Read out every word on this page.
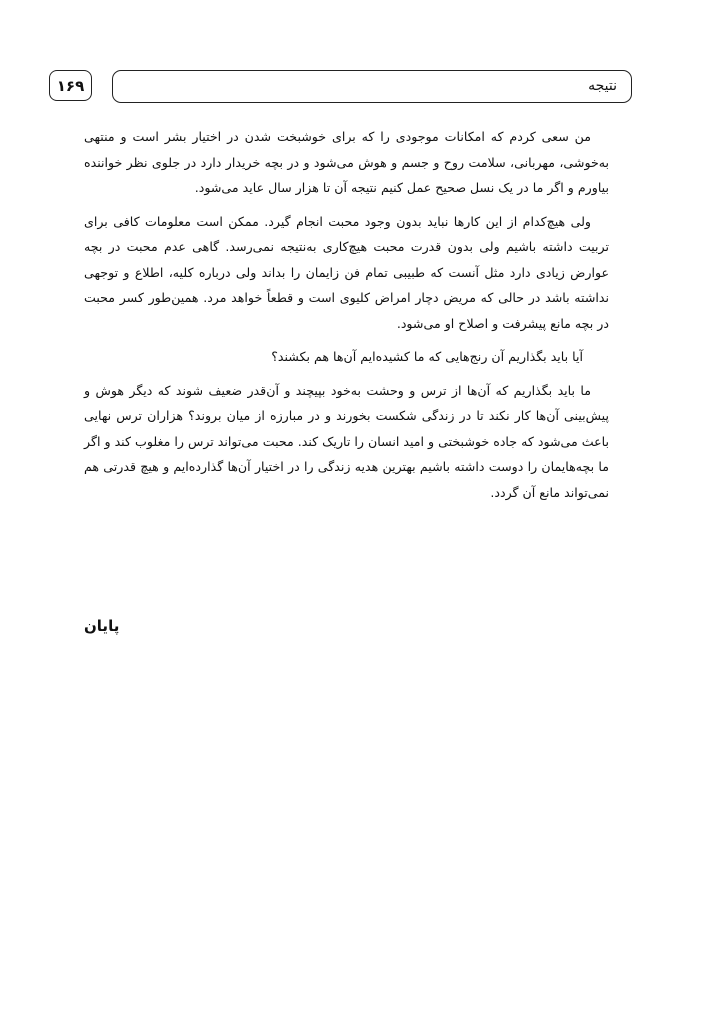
۱۶۹	نتیجه

من سعی کردم که امکانات موجودی را که برای خوشبخت شدن در اختیار بشر است و منتهی به‌خوشی، مهربانی، سلامت روح و جسم و هوش می‌شود و در بچه خریدار دارد در جلوی نظر خواننده بیاورم و اگر ما در یک نسل صحیح عمل کنیم نتیجه آن تا هزار سال عاید می‌شود.

ولی هیچ‌کدام از این کارها نباید بدون وجود محبت انجام گیرد. ممکن است معلومات کافی برای تربیت داشته باشیم ولی بدون قدرت محبت هیچ‌کاری به‌نتیجه نمی‌رسد. گاهی عدم محبت در بچه عوارض زیادی دارد مثل آنست که طبیبی تمام فن زایمان را بداند ولی درباره کلیه، اطلاع و توجهی نداشته باشد در حالی که مریض دچار امراض کلیوی است و قطعاً خواهد مرد. همین‌طور کسر محبت در بچه مانع پیشرفت و اصلاح او می‌شود.

آیا باید بگذاریم آن رنج‌هایی که ما کشیده‌ایم آن‌ها هم بکشند؟

ما باید بگذاریم که آن‌ها از ترس و وحشت به‌خود بپیچند و آن‌قدر ضعیف شوند که دیگر هوش و پیش‌بینی آن‌ها کار نکند تا در زندگی شکست بخورند و در مبارزه از میان بروند؟ هزاران ترس نهایی باعث می‌شود که جاده خوشبختی و امید انسان را تاریک کند. محبت می‌تواند ترس را مغلوب کند و اگر ما بچه‌هایمان را دوست داشته باشیم بهترین هدیه زندگی را در اختیار آن‌ها گذارده‌ایم و هیچ قدرتی هم نمی‌تواند مانع آن گردد.

پایان
